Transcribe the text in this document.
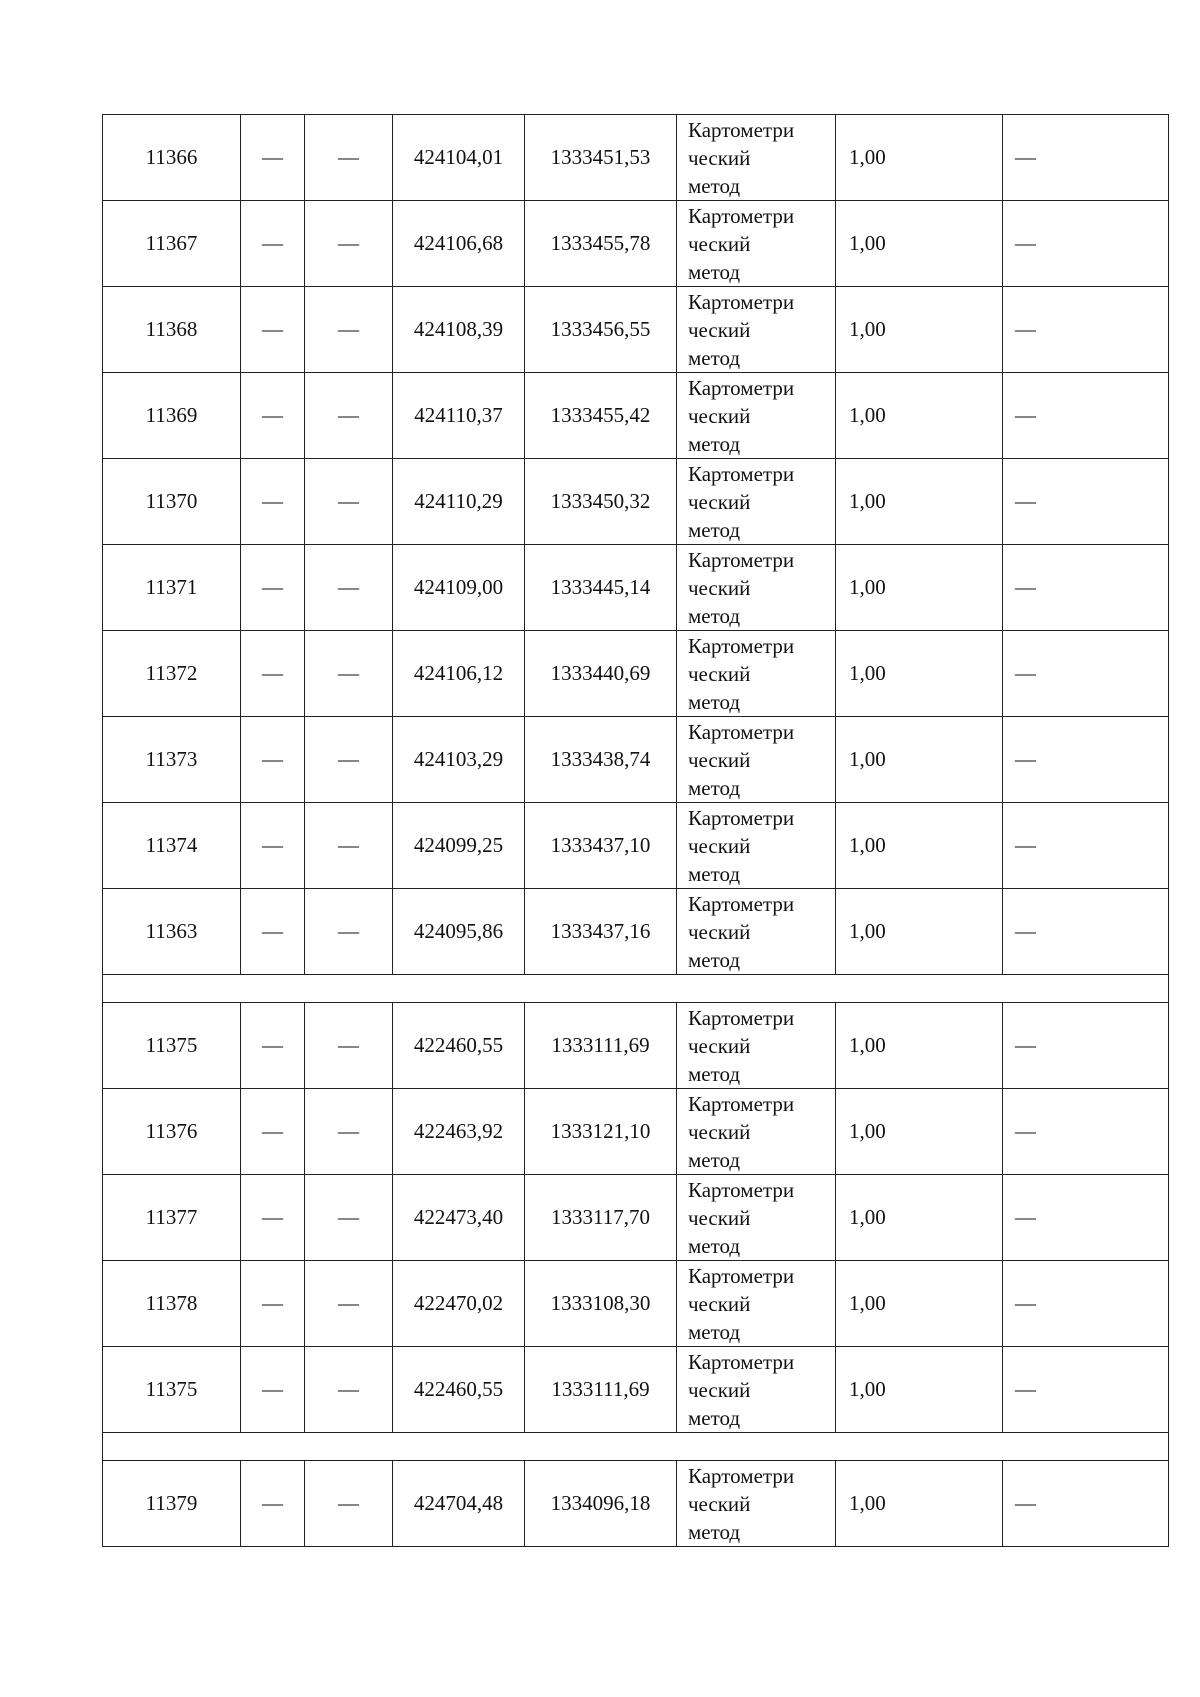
11366	—	—	424104,01	1333451,53	Картометри
ческий
метод	1,00	—
11367	—	—	424106,68	1333455,78	Картометри
ческий
метод	1,00	—
11368	—	—	424108,39	1333456,55	Картометри
ческий
метод	1,00	—
11369	—	—	424110,37	1333455,42	Картометри
ческий
метод	1,00	—
11370	—	—	424110,29	1333450,32	Картометри
ческий
метод	1,00	—
11371	—	—	424109,00	1333445,14	Картометри
ческий
метод	1,00	—
11372	—	—	424106,12	1333440,69	Картометри
ческий
метод	1,00	—
11373	—	—	424103,29	1333438,74	Картометри
ческий
метод	1,00	—
11374	—	—	424099,25	1333437,10	Картометри
ческий
метод	1,00	—
11363	—	—	424095,86	1333437,16	Картометри
ческий
метод	1,00	—

11375	—	—	422460,55	1333111,69	Картометри
ческий
метод	1,00	—
11376	—	—	422463,92	1333121,10	Картометри
ческий
метод	1,00	—
11377	—	—	422473,40	1333117,70	Картометри
ческий
метод	1,00	—
11378	—	—	422470,02	1333108,30	Картометри
ческий
метод	1,00	—
11375	—	—	422460,55	1333111,69	Картометри
ческий
метод	1,00	—

11379	—	—	424704,48	1334096,18	Картометри
ческий
метод	1,00	—
